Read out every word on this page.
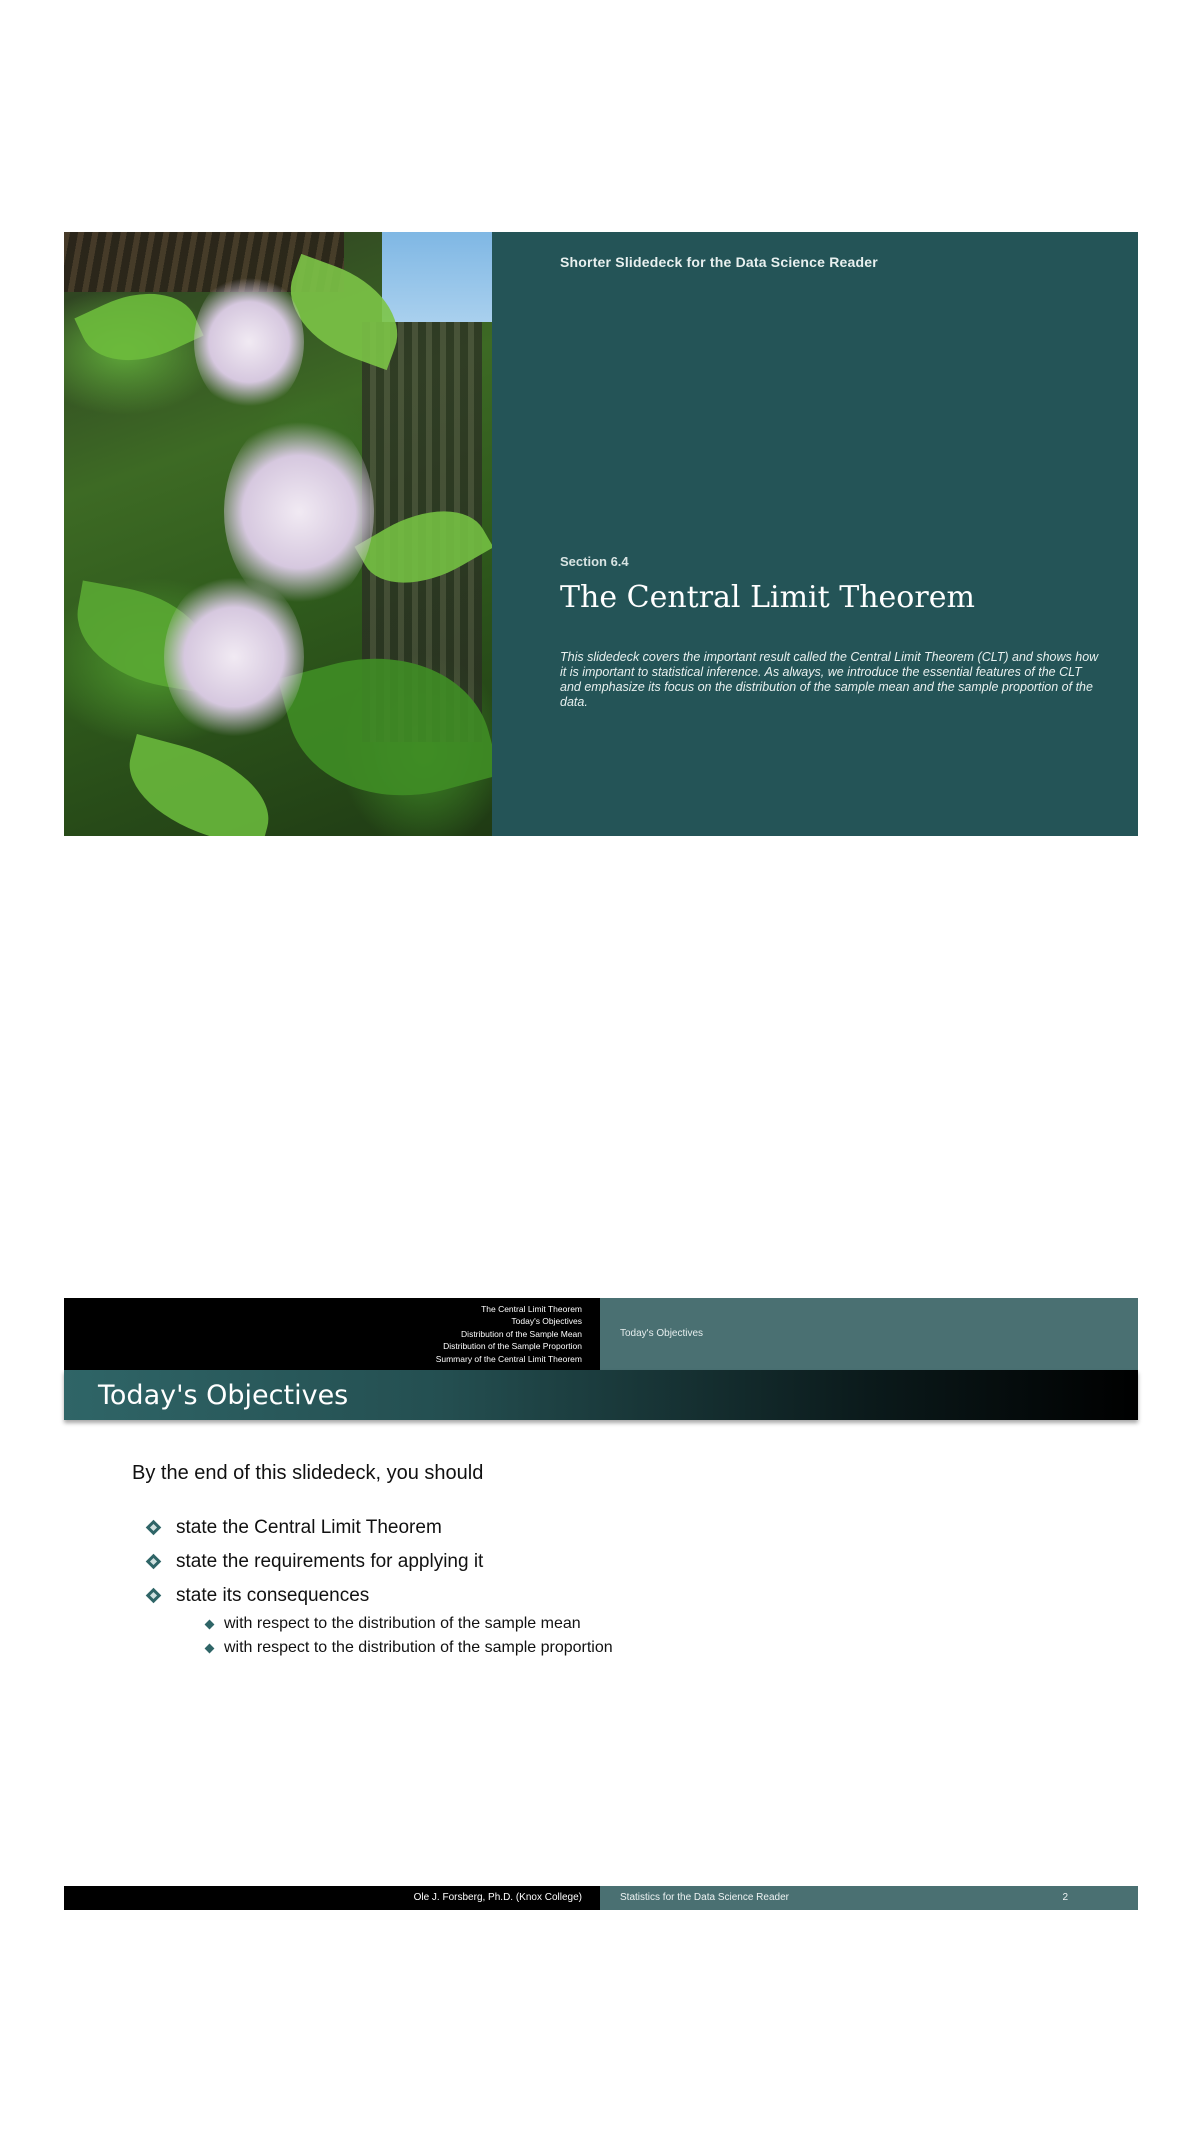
Shorter Slidedeck for the Data Science Reader
Section 6.4
The Central Limit Theorem
This slidedeck covers the important result called the Central Limit Theorem (CLT) and shows how it is important to statistical inference. As always, we introduce the essential features of the CLT and emphasize its focus on the distribution of the sample mean and the sample proportion of the data.
The Central Limit Theorem
Today's Objectives
Distribution of the Sample Mean
Distribution of the Sample Proportion
Summary of the Central Limit Theorem
Today's Objectives
Today's Objectives

By the end of this slidedeck, you should

state the Central Limit Theorem
state the requirements for applying it
state its consequences
with respect to the distribution of the sample mean
with respect to the distribution of the sample proportion
Ole J. Forsberg, Ph.D. (Knox College)	Statistics for the Data Science Reader	2
